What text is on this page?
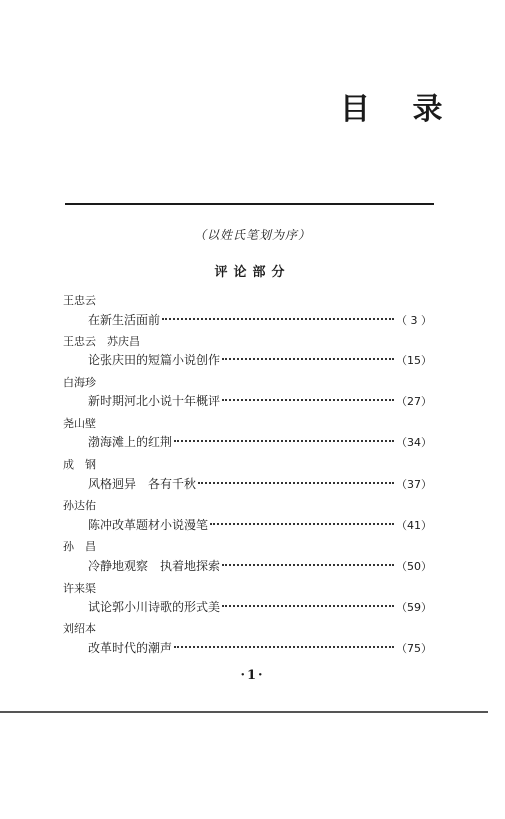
目 录
（以姓氏笔划为序）
评论部分
王忠云
在新生活面前	（ 3 ）
王忠云　苏庆昌
论张庆田的短篇小说创作	（15）
白海珍
新时期河北小说十年概评	（27）
尧山壁
渤海滩上的红荆	（34）
成　钢
风格迥异　各有千秋	（37）
孙达佑
陈冲改革题材小说漫笔	（41）
孙　昌
冷静地观察　执着地探索	（50）
许来渠
试论郭小川诗歌的形式美	（59）
刘绍本
改革时代的潮声	（75）
·1·
